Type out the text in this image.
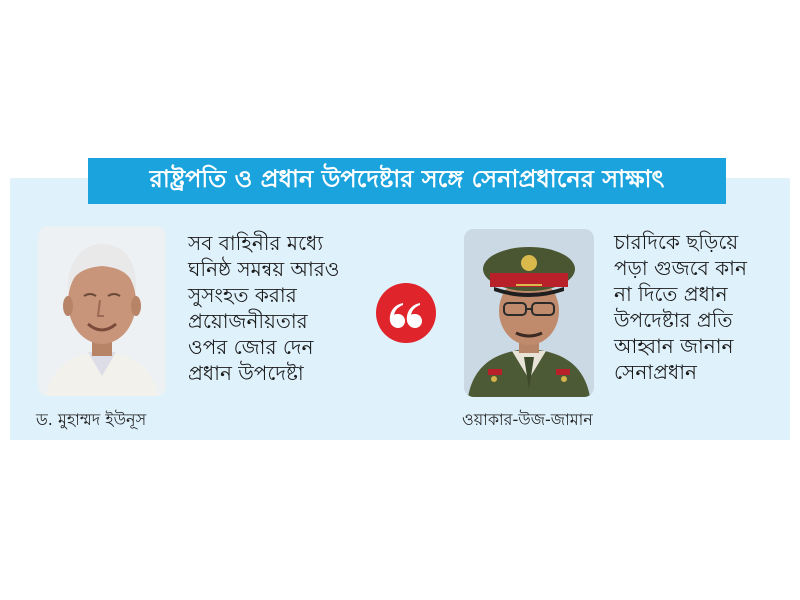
রাষ্ট্রপতি ও প্রধান উপদেষ্টার সঙ্গে সেনাপ্রধানের সাক্ষাৎ
ড. মুহাম্মদ ইউনূস
সব বাহিনীর মধ্যে
ঘনিষ্ঠ সমন্বয় আরও
সুসংহত করার
প্রয়োজনীয়তার
ওপর জোর দেন
প্রধান উপদেষ্টা
ওয়াকার-উজ-জামান
চারদিকে ছড়িয়ে
পড়া গুজবে কান
না দিতে প্রধান
উপদেষ্টার প্রতি
আহ্বান জানান
সেনাপ্রধান
